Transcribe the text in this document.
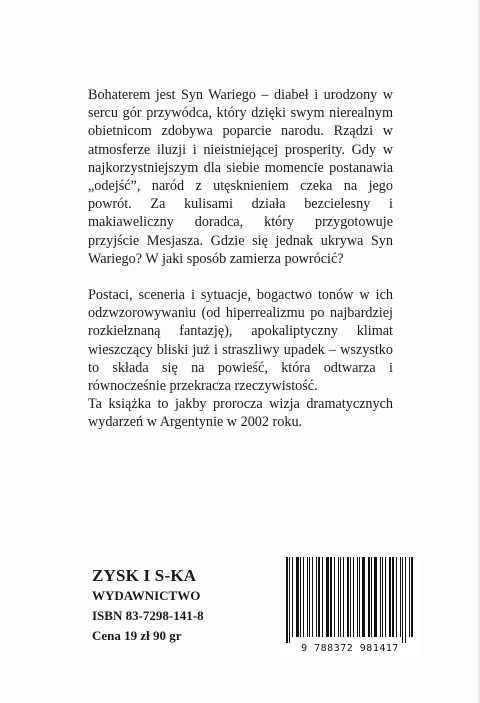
Bohaterem jest Syn Wariego – diabeł i urodzony w sercu gór przywódca, który dzięki swym nierealnym obietnicom zdobywa poparcie narodu. Rządzi w atmosferze iluzji i nieistniejącej prosperity. Gdy w najkorzystniejszym dla siebie momencie postanawia „odejść”, naród z utęsknieniem czeka na jego powrót. Za kulisami działa bezcielesny i makiaweliczny doradca, który przygotowuje przyjście Mesjasza. Gdzie się jednak ukrywa Syn Wariego? W jaki sposób zamierza powrócić?

Postaci, sceneria i sytuacje, bogactwo tonów w ich odzwzorowywaniu (od hiperrealizmu po najbardziej rozkiełznaną fantazję), apokaliptyczny klimat wieszczący bliski już i straszliwy upadek – wszystko to składa się na powieść, która odtwarza i równocześnie przekracza rzeczywistość.

Ta książka to jakby prorocza wizja dramatycznych wydarzeń w Argentynie w 2002 roku.

ZYSK I S-KA
WYDAWNICTWO
ISBN 83-7298-141-8
Cena 19 zł 90 gr
9 788372 981417
